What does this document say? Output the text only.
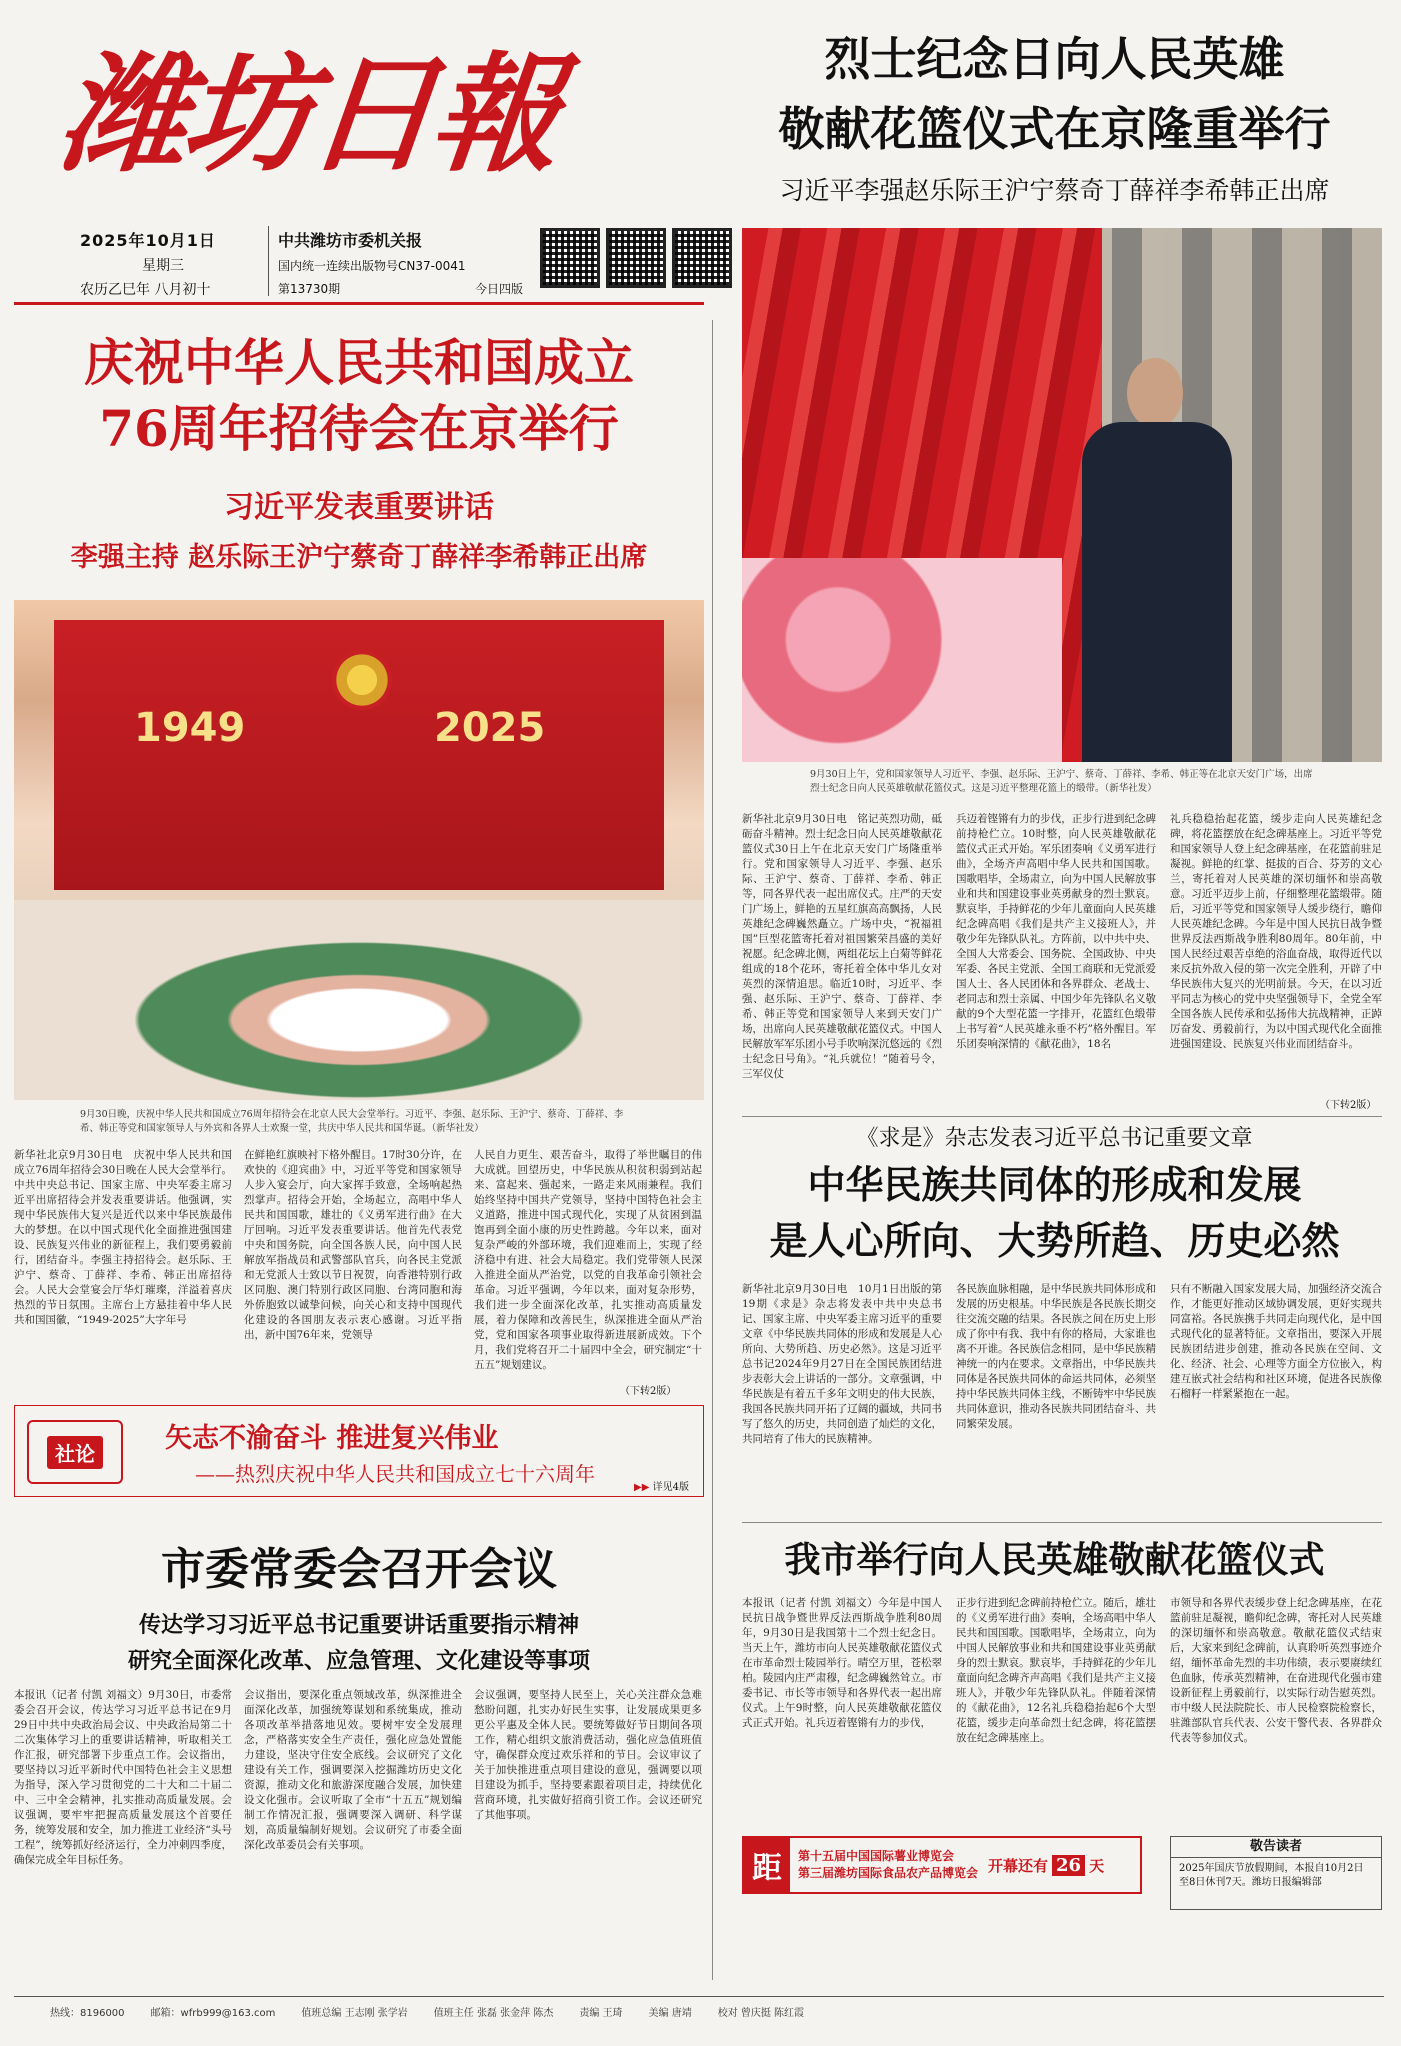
潍坊日報
2025年10月1日
星期三
农历乙巳年 八月初十
中共潍坊市委机关报
国内统一连续出版物号CN37-0041
第13730期	今日四版
庆祝中华人民共和国成立
76周年招待会在京举行
习近平发表重要讲话
李强主持 赵乐际王沪宁蔡奇丁薛祥李希韩正出席
1949	2025
9月30日晚，庆祝中华人民共和国成立76周年招待会在北京人民大会堂举行。习近平、李强、赵乐际、王沪宁、蔡奇、丁薛祥、李希、韩正等党和国家领导人与外宾和各界人士欢聚一堂，共庆中华人民共和国华诞。（新华社发）
新华社北京9月30日电　庆祝中华人民共和国成立76周年招待会30日晚在人民大会堂举行。中共中央总书记、国家主席、中央军委主席习近平出席招待会并发表重要讲话。他强调，实现中华民族伟大复兴是近代以来中华民族最伟大的梦想。在以中国式现代化全面推进强国建设、民族复兴伟业的新征程上，我们要勇毅前行，团结奋斗。李强主持招待会。赵乐际、王沪宁、蔡奇、丁薛祥、李希、韩正出席招待会。人民大会堂宴会厅华灯璀璨，洋溢着喜庆热烈的节日氛围。主席台上方悬挂着中华人民共和国国徽，“1949-2025”大字年号
在鲜艳红旗映衬下格外醒目。17时30分许，在欢快的《迎宾曲》中，习近平等党和国家领导人步入宴会厅，向大家挥手致意，全场响起热烈掌声。招待会开始，全场起立，高唱中华人民共和国国歌，雄壮的《义勇军进行曲》在大厅回响。习近平发表重要讲话。他首先代表党中央和国务院，向全国各族人民，向中国人民解放军指战员和武警部队官兵，向各民主党派和无党派人士致以节日祝贺，向香港特别行政区同胞、澳门特别行政区同胞、台湾同胞和海外侨胞致以诚挚问候，向关心和支持中国现代化建设的各国朋友表示衷心感谢。习近平指出，新中国76年来，党领导
人民自力更生、艰苦奋斗，取得了举世瞩目的伟大成就。回望历史，中华民族从积贫积弱到站起来、富起来、强起来，一路走来风雨兼程。我们始终坚持中国共产党领导，坚持中国特色社会主义道路，推进中国式现代化，实现了从贫困到温饱再到全面小康的历史性跨越。今年以来，面对复杂严峻的外部环境，我们迎难而上，实现了经济稳中有进、社会大局稳定。我们党带领人民深入推进全面从严治党，以党的自我革命引领社会革命。习近平强调，今年以来，面对复杂形势，我们进一步全面深化改革，扎实推动高质量发展，着力保障和改善民生，纵深推进全面从严治党，党和国家各项事业取得新进展新成效。下个月，我们党将召开二十届四中全会，研究制定“十五五”规划建议。
（下转2版）
社论	矢志不渝奋斗 推进复兴伟业
——热烈庆祝中华人民共和国成立七十六周年
▶▶ 详见4版
市委常委会召开会议
传达学习习近平总书记重要讲话重要指示精神
研究全面深化改革、应急管理、文化建设等事项
本报讯（记者 付凯 刘福文）9月30日，市委常委会召开会议，传达学习习近平总书记在9月29日中共中央政治局会议、中央政治局第二十二次集体学习上的重要讲话精神，听取相关工作汇报，研究部署下步重点工作。会议指出，要坚持以习近平新时代中国特色社会主义思想为指导，深入学习贯彻党的二十大和二十届二中、三中全会精神，扎实推动高质量发展。会议强调，要牢牢把握高质量发展这个首要任务，统筹发展和安全，加力推进工业经济“头号工程”，统筹抓好经济运行，全力冲刺四季度，确保完成全年目标任务。
会议指出，要深化重点领域改革，纵深推进全面深化改革，加强统筹谋划和系统集成，推动各项改革举措落地见效。要树牢安全发展理念，严格落实安全生产责任，强化应急处置能力建设，坚决守住安全底线。会议研究了文化建设有关工作，强调要深入挖掘潍坊历史文化资源，推动文化和旅游深度融合发展，加快建设文化强市。会议听取了全市“十五五”规划编制工作情况汇报，强调要深入调研、科学谋划，高质量编制好规划。会议研究了市委全面深化改革委员会有关事项。
会议强调，要坚持人民至上，关心关注群众急难愁盼问题，扎实办好民生实事，让发展成果更多更公平惠及全体人民。要统筹做好节日期间各项工作，精心组织文旅消费活动，强化应急值班值守，确保群众度过欢乐祥和的节日。会议审议了关于加快推进重点项目建设的意见，强调要以项目建设为抓手，坚持要素跟着项目走，持续优化营商环境，扎实做好招商引资工作。会议还研究了其他事项。
烈士纪念日向人民英雄
敬献花篮仪式在京隆重举行
习近平李强赵乐际王沪宁蔡奇丁薛祥李希韩正出席
9月30日上午，党和国家领导人习近平、李强、赵乐际、王沪宁、蔡奇、丁薛祥、李希、韩正等在北京天安门广场，出席烈士纪念日向人民英雄敬献花篮仪式。这是习近平整理花篮上的缎带。（新华社发）
新华社北京9月30日电　铭记英烈功勋，砥砺奋斗精神。烈士纪念日向人民英雄敬献花篮仪式30日上午在北京天安门广场隆重举行。党和国家领导人习近平、李强、赵乐际、王沪宁、蔡奇、丁薛祥、李希、韩正等，同各界代表一起出席仪式。庄严的天安门广场上，鲜艳的五星红旗高高飘扬，人民英雄纪念碑巍然矗立。广场中央，“祝福祖国”巨型花篮寄托着对祖国繁荣昌盛的美好祝愿。纪念碑北侧，两组花坛上白菊等鲜花组成的18个花环，寄托着全体中华儿女对英烈的深情追思。临近10时，习近平、李强、赵乐际、王沪宁、蔡奇、丁薛祥、李希、韩正等党和国家领导人来到天安门广场，出席向人民英雄敬献花篮仪式。中国人民解放军军乐团小号手吹响深沉悠远的《烈士纪念日号角》。“礼兵就位！”随着号令，三军仪仗
兵迈着铿锵有力的步伐，正步行进到纪念碑前持枪伫立。10时整，向人民英雄敬献花篮仪式正式开始。军乐团奏响《义勇军进行曲》，全场齐声高唱中华人民共和国国歌。国歌唱毕，全场肃立，向为中国人民解放事业和共和国建设事业英勇献身的烈士默哀。默哀毕，手持鲜花的少年儿童面向人民英雄纪念碑高唱《我们是共产主义接班人》，并敬少年先锋队队礼。方阵前，以中共中央、全国人大常委会、国务院、全国政协、中央军委、各民主党派、全国工商联和无党派爱国人士、各人民团体和各界群众、老战士、老同志和烈士亲属、中国少年先锋队名义敬献的9个大型花篮一字排开，花篮红色缎带上书写着“人民英雄永垂不朽”格外醒目。军乐团奏响深情的《献花曲》，18名
礼兵稳稳抬起花篮，缓步走向人民英雄纪念碑，将花篮摆放在纪念碑基座上。习近平等党和国家领导人登上纪念碑基座，在花篮前驻足凝视。鲜艳的红掌、挺拔的百合、芬芳的文心兰，寄托着对人民英雄的深切缅怀和崇高敬意。习近平迈步上前，仔细整理花篮缎带。随后，习近平等党和国家领导人缓步绕行，瞻仰人民英雄纪念碑。今年是中国人民抗日战争暨世界反法西斯战争胜利80周年。80年前，中国人民经过艰苦卓绝的浴血奋战，取得近代以来反抗外敌入侵的第一次完全胜利，开辟了中华民族伟大复兴的光明前景。今天，在以习近平同志为核心的党中央坚强领导下，全党全军全国各族人民传承和弘扬伟大抗战精神，正踔厉奋发、勇毅前行，为以中国式现代化全面推进强国建设、民族复兴伟业而团结奋斗。
（下转2版）
《求是》杂志发表习近平总书记重要文章
中华民族共同体的形成和发展
是人心所向、大势所趋、历史必然
新华社北京9月30日电　10月1日出版的第19期《求是》杂志将发表中共中央总书记、国家主席、中央军委主席习近平的重要文章《中华民族共同体的形成和发展是人心所向、大势所趋、历史必然》。这是习近平总书记2024年9月27日在全国民族团结进步表彰大会上讲话的一部分。文章强调，中华民族是有着五千多年文明史的伟大民族，我国各民族共同开拓了辽阔的疆域，共同书写了悠久的历史，共同创造了灿烂的文化，共同培育了伟大的民族精神。
各民族血脉相融，是中华民族共同体形成和发展的历史根基。中华民族是各民族长期交往交流交融的结果。各民族之间在历史上形成了你中有我、我中有你的格局，大家谁也离不开谁。各民族信念相同，是中华民族精神统一的内在要求。文章指出，中华民族共同体是各民族共同体的命运共同体，必须坚持中华民族共同体主线，不断铸牢中华民族共同体意识，推动各民族共同团结奋斗、共同繁荣发展。
只有不断融入国家发展大局，加强经济交流合作，才能更好推动区域协调发展，更好实现共同富裕。各民族携手共同走向现代化，是中国式现代化的显著特征。文章指出，要深入开展民族团结进步创建，推动各民族在空间、文化、经济、社会、心理等方面全方位嵌入，构建互嵌式社会结构和社区环境，促进各民族像石榴籽一样紧紧抱在一起。
我市举行向人民英雄敬献花篮仪式
本报讯（记者 付凯 刘福文）今年是中国人民抗日战争暨世界反法西斯战争胜利80周年，9月30日是我国第十二个烈士纪念日。当天上午，潍坊市向人民英雄敬献花篮仪式在市革命烈士陵园举行。晴空万里，苍松翠柏。陵园内庄严肃穆，纪念碑巍然耸立。市委书记、市长等市领导和各界代表一起出席仪式。上午9时整，向人民英雄敬献花篮仪式正式开始。礼兵迈着铿锵有力的步伐，
正步行进到纪念碑前持枪伫立。随后，雄壮的《义勇军进行曲》奏响，全场高唱中华人民共和国国歌。国歌唱毕，全场肃立，向为中国人民解放事业和共和国建设事业英勇献身的烈士默哀。默哀毕，手持鲜花的少年儿童面向纪念碑齐声高唱《我们是共产主义接班人》，并敬少年先锋队队礼。伴随着深情的《献花曲》，12名礼兵稳稳抬起6个大型花篮，缓步走向革命烈士纪念碑，将花篮摆放在纪念碑基座上。
市领导和各界代表缓步登上纪念碑基座，在花篮前驻足凝视，瞻仰纪念碑，寄托对人民英雄的深切缅怀和崇高敬意。敬献花篮仪式结束后，大家来到纪念碑前，认真聆听英烈事迹介绍，缅怀革命先烈的丰功伟绩，表示要赓续红色血脉，传承英烈精神，在奋进现代化强市建设新征程上勇毅前行，以实际行动告慰英烈。市中级人民法院院长、市人民检察院检察长，驻潍部队官兵代表、公安干警代表、各界群众代表等参加仪式。
距	第十五届中国国际薯业博览会
第三届潍坊国际食品农产品博览会 开幕还有 26 天
敬告读者
2025年国庆节放假期间，本报自10月2日至8日休刊7天。潍坊日报编辑部
热线：8196000	邮箱：wfrb999@163.com	值班总编 王志刚 张学岩	值班主任 张磊 张金萍 陈杰	责编 王琦	美编 唐靖	校对 曾庆挺 陈红霞
